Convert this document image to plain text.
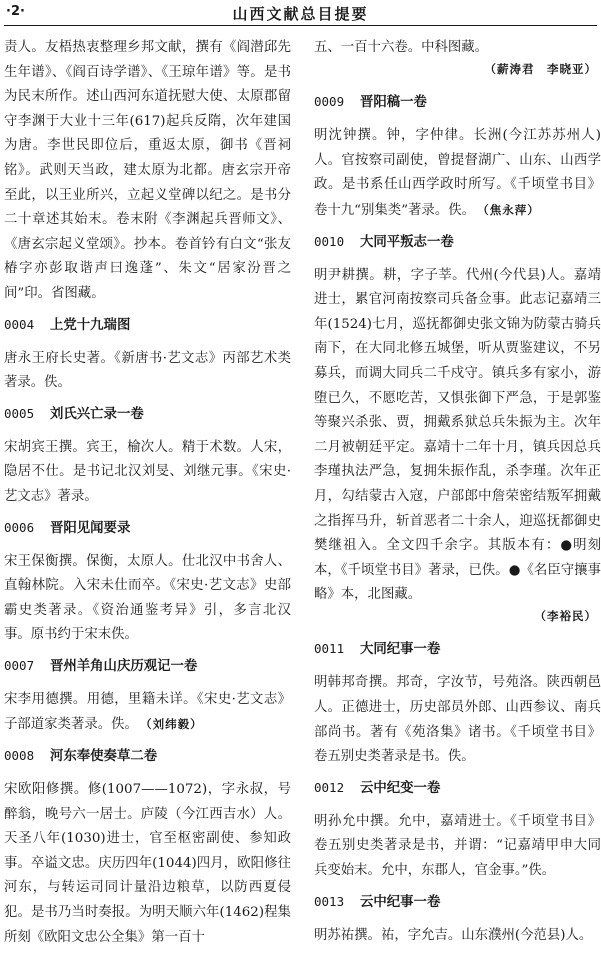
·2·	山西文献总目提要

责人。友梧热衷整理乡邦文献，撰有《阎潜邱先生年谱》、《阎百诗学谱》、《王琼年谱》等。是书为民末所作。述山西河东道抚慰大使、太原郡留守李渊于大业十三年(617)起兵反隋，次年建国为唐。李世民即位后，重返太原，御书《晋祠铭》。武则天当政，建太原为北都。唐玄宗开帝至此，以王业所兴，立起义堂碑以纪之。是书分二十章述其始末。卷末附《李渊起兵晋师文》、《唐玄宗起义堂颂》。抄本。卷首钤有白文“张友椿字亦彭取谐声曰逸蓬”、朱文“居家汾晋之间”印。省图藏。

0004	上党十九瑞图

唐永王府长史著。《新唐书·艺文志》丙部艺术类著录。佚。

0005	刘氏兴亡录一卷

宋胡宾王撰。宾王，榆次人。精于术数。人宋，隐居不仕。是书记北汉刘旻、刘继元事。《宋史·艺文志》著录。

0006	晋阳见闻要录

宋王保衡撰。保衡，太原人。仕北汉中书舍人、直翰林院。入宋未仕而卒。《宋史·艺文志》史部霸史类著录。《资治通鉴考异》引，多言北汉事。原书约于宋末佚。

0007	晋州羊角山庆历观记一卷

宋李用德撰。用德，里籍未详。《宋史·艺文志》子部道家类著录。佚。 （刘纬毅）

0008	河东奉使奏草二卷

宋欧阳修撰。修(1007——1072)，字永叔，号醉翁，晚号六一居士。庐陵（今江西吉水）人。天圣八年(1030)进士，官至枢密副使、参知政事。卒谥文忠。庆历四年(1044)四月，欧阳修往河东，与转运司同计量沿边粮草，以防西夏侵犯。是书乃当时奏报。为明天顺六年(1462)程集所刻《欧阳文忠公全集》第一百十

五、一百十六卷。中科图藏。

（薪涛君　李晓亚）

0009	晋阳稿一卷

明沈钟撰。钟，字仲律。长洲(今江苏苏州人)人。官按察司副使，曾提督湖广、山东、山西学政。是书系任山西学政时所写。《千顷堂书目》卷十九“别集类”著录。佚。 （焦永萍）

0010	大同平叛志一卷

明尹耕撰。耕，字子莘。代州(今代县)人。嘉靖进士，累官河南按察司兵备佥事。此志记嘉靖三年(1524)七月，巡抚都御史张文锦为防蒙古骑兵南下，在大同北修五城堡，听从贾鉴建议，不另募兵，而调大同兵二千戍守。镇兵多有家小，游堕已久，不愿吃苦，又惧张御下严急，于是郭鉴等聚兴杀张、贾，拥戴系狱总兵朱振为主。次年二月被朝廷平定。嘉靖十二年十月，镇兵因总兵李瑾执法严急，复拥朱振作乱，杀李瑾。次年正月，勾结蒙古入寇，户部郎中詹荣密结叛军拥戴之指挥马升，斩首恶者二十余人，迎巡抚都御史樊继祖入。全文四千余字。其版本有：●明刻本，《千顷堂书目》著录，已佚。●《名臣守攘事略》本，北图藏。

（李裕民）

0011	大同纪事一卷

明韩邦奇撰。邦奇，字汝节，号苑洛。陕西朝邑人。正德进士，历史部员外郎、山西参议、南兵部尚书。著有《苑洛集》诸书。《千顷堂书目》卷五别史类著录是书。佚。

0012	云中纪变一卷

明孙允中撰。允中，嘉靖进士。《千顷堂书目》卷五别史类著录是书，并谓：“记嘉靖甲申大同兵变始末。允中，东郡人，官金事。”佚。

0013	云中纪事一卷

明苏祐撰。祐，字允吉。山东濮州(今范县)人。
